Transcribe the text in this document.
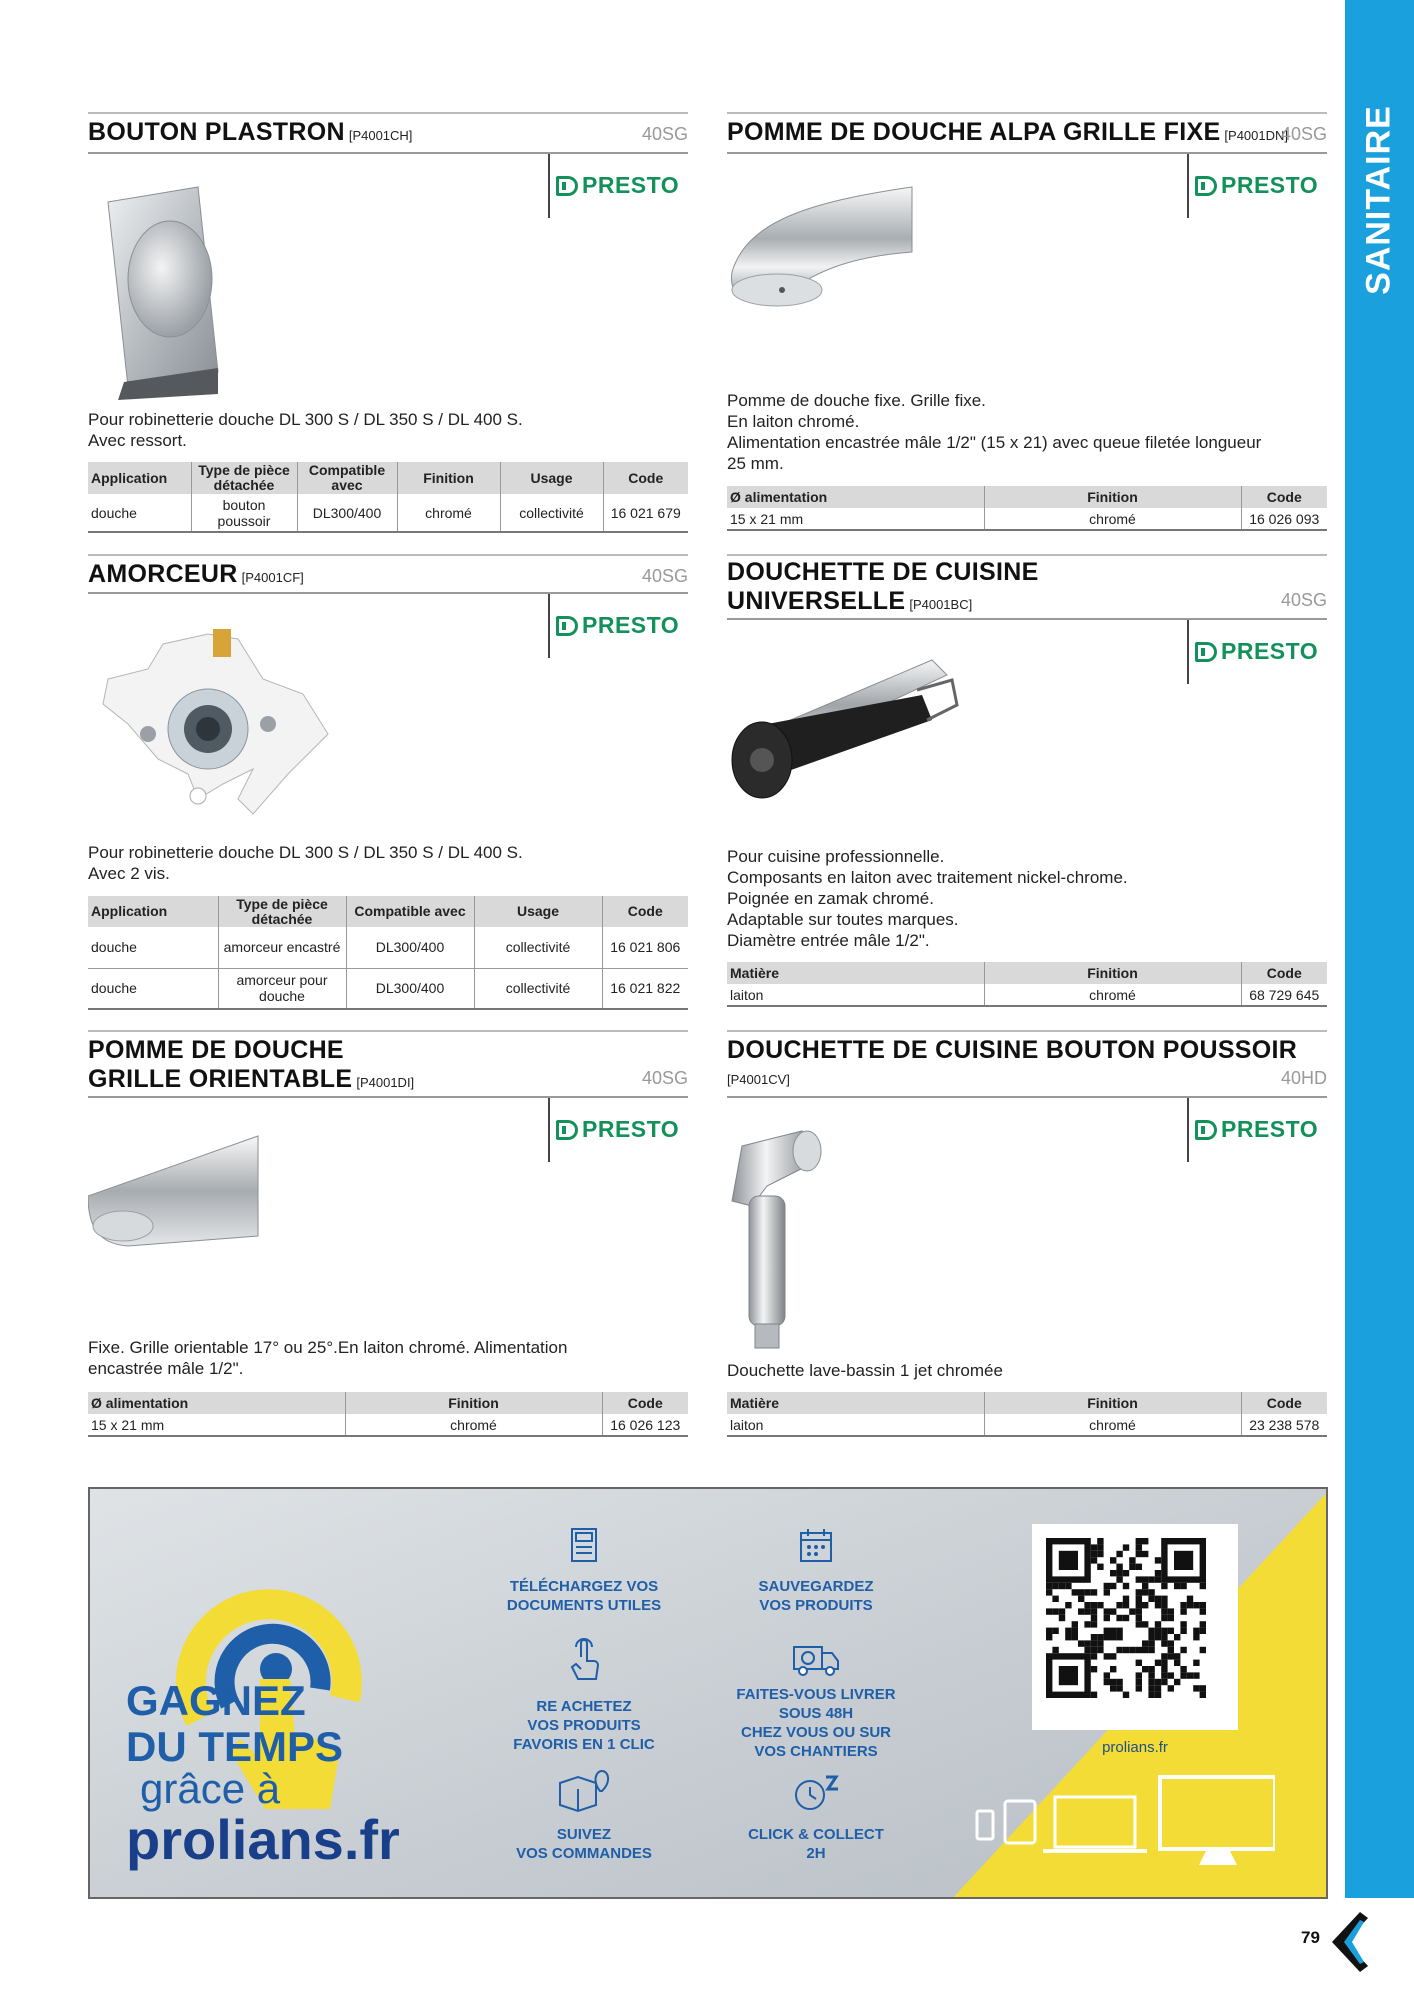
SANITAIRE
BOUTON PLASTRON [P4001CH]	40SG
PRESTO
Pour robinetterie douche DL 300 S / DL 350 S / DL 400 S.
Avec ressort.
Application	Type de pièce détachée	Compatible avec	Finition	Usage	Code
douche	bouton poussoir	DL300/400	chromé	collectivité	16 021 679
AMORCEUR [P4001CF]	40SG
PRESTO
Pour robinetterie douche DL 300 S / DL 350 S / DL 400 S.
Avec 2 vis.
Application	Type de pièce détachée	Compatible avec	Usage	Code
douche	amorceur encastré	DL300/400	collectivité	16 021 806
douche	amorceur pour douche	DL300/400	collectivité	16 021 822
POMME DE DOUCHE
GRILLE ORIENTABLE [P4001DI]	40SG
PRESTO
Fixe. Grille orientable 17° ou 25°.En laiton chromé. Alimentation
encastrée mâle 1/2".
Ø alimentation	Finition	Code
15 x 21 mm	chromé	16 026 123
POMME DE DOUCHE ALPA GRILLE FIXE [P4001DN]
40SG
PRESTO
Pomme de douche fixe. Grille fixe.
En laiton chromé.
Alimentation encastrée mâle 1/2" (15 x 21) avec queue filetée longueur
25 mm.
Ø alimentation	Finition	Code
15 x 21 mm	chromé	16 026 093
DOUCHETTE DE CUISINE
UNIVERSELLE [P4001BC]	40SG
PRESTO
Pour cuisine professionnelle.
Composants en laiton avec traitement nickel-chrome.
Poignée en zamak chromé.
Adaptable sur toutes marques.
Diamètre entrée mâle 1/2".
Matière	Finition	Code
laiton	chromé	68 729 645
DOUCHETTE DE CUISINE BOUTON POUSSOIR
[P4001CV]	40HD
PRESTO
Douchette lave-bassin 1 jet chromée
Matière	Finition	Code
laiton	chromé	23 238 578
GAGNEZ
DU TEMPS
grâce à
prolians.fr
TÉLÉCHARGEZ VOS
DOCUMENTS UTILES
SAUVEGARDEZ
VOS PRODUITS
RE ACHETEZ
VOS PRODUITS
FAVORIS EN 1 CLIC
FAITES-VOUS LIVRER
SOUS 48H
CHEZ VOUS OU SUR
VOS CHANTIERS
SUIVEZ
VOS COMMANDES
CLICK & COLLECT
2H
prolians.fr
79
